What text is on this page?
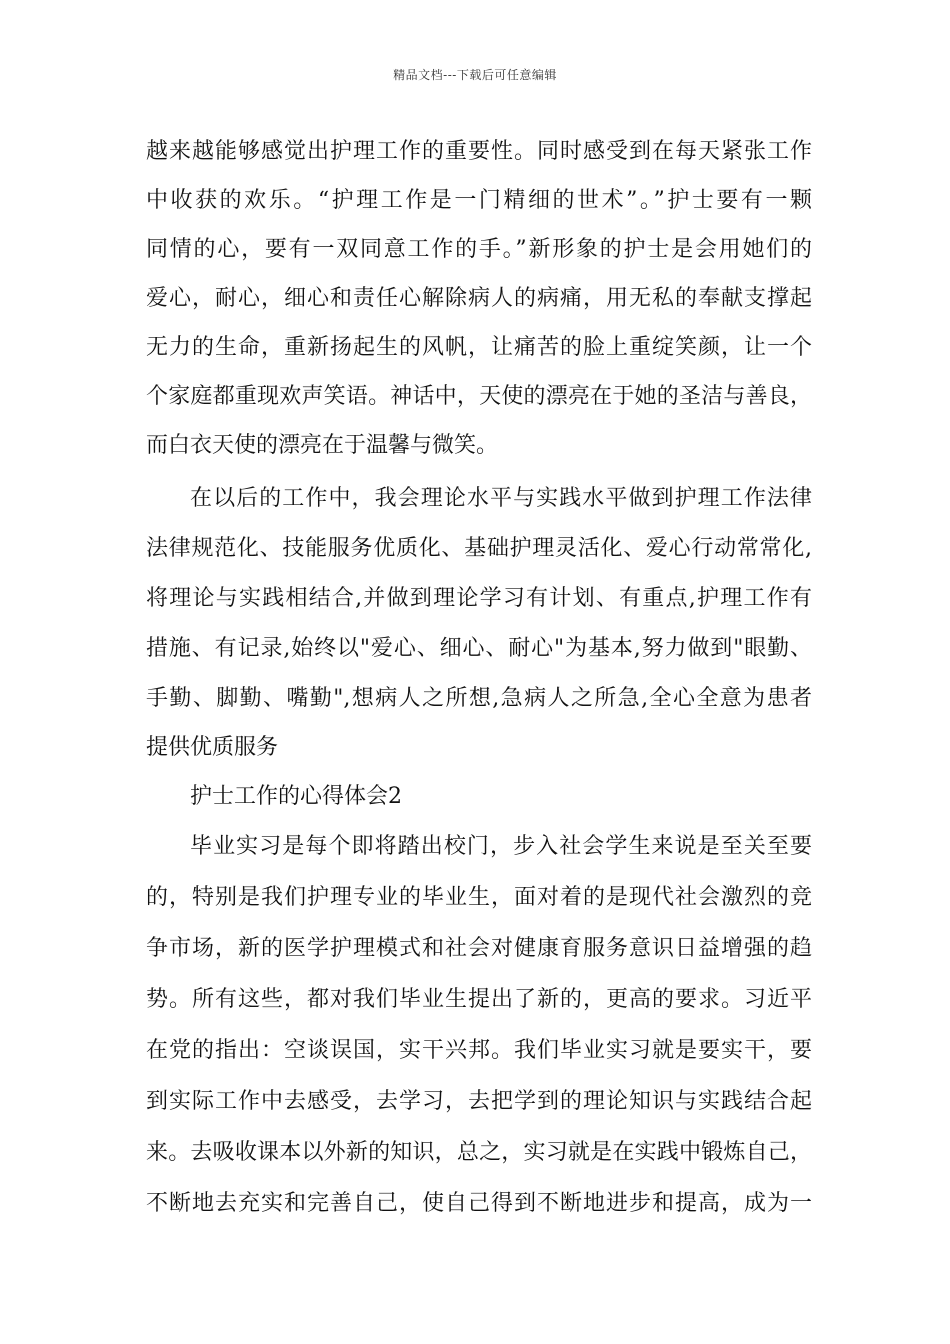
精品文档---下载后可任意编辑
越来越能够感觉出护理工作的重要性。同时感受到在每天紧张工作
中收获的欢乐。“护理工作是一门精细的世术”。”护士要有一颗
同情的心，要有一双同意工作的手。”新形象的护士是会用她们的
爱心，耐心，细心和责任心解除病人的病痛，用无私的奉献支撑起
无力的生命，重新扬起生的风帆，让痛苦的脸上重绽笑颜，让一个
个家庭都重现欢声笑语。神话中，天使的漂亮在于她的圣洁与善良，
而白衣天使的漂亮在于温馨与微笑。
在以后的工作中，我会理论水平与实践水平做到护理工作法律
法律规范化、技能服务优质化、基础护理灵活化、爱心行动常常化,
将理论与实践相结合,并做到理论学习有计划、有重点,护理工作有
措施、有记录,始终以"爱心、细心、耐心"为基本,努力做到"眼勤、
手勤、脚勤、嘴勤",想病人之所想,急病人之所急,全心全意为患者
提供优质服务
护士工作的心得体会2
毕业实习是每个即将踏出校门，步入社会学生来说是至关至要
的，特别是我们护理专业的毕业生，面对着的是现代社会激烈的竞
争市场，新的医学护理模式和社会对健康育服务意识日益增强的趋
势。所有这些，都对我们毕业生提出了新的，更高的要求。习近平
在党的指出：空谈误国，实干兴邦。我们毕业实习就是要实干，要
到实际工作中去感受，去学习，去把学到的理论知识与实践结合起
来。去吸收课本以外新的知识，总之，实习就是在实践中锻炼自己，
不断地去充实和完善自己，使自己得到不断地进步和提高，成为一
